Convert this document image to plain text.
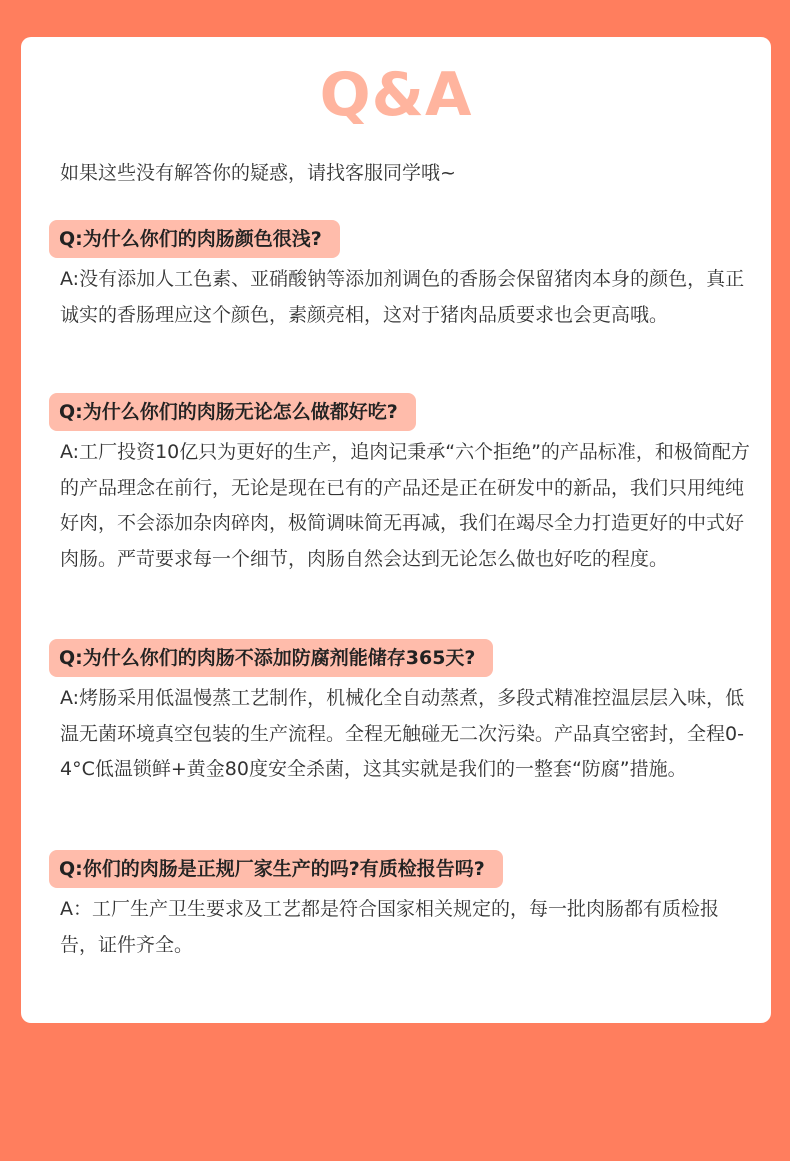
Q&A
如果这些没有解答你的疑惑，请找客服同学哦~
Q:为什么你们的肉肠颜色很浅?
A:没有添加人工色素、亚硝酸钠等添加剂调色的香肠会保留猪肉本身的颜色，真正诚实的香肠理应这个颜色，素颜亮相，这对于猪肉品质要求也会更高哦。
Q:为什么你们的肉肠无论怎么做都好吃?
A:工厂投资10亿只为更好的生产，追肉记秉承“六个拒绝”的产品标准，和极简配方的产品理念在前行，无论是现在已有的产品还是正在研发中的新品，我们只用纯纯好肉，不会添加杂肉碎肉，极简调味简无再减，我们在竭尽全力打造更好的中式好肉肠。严苛要求每一个细节，肉肠自然会达到无论怎么做也好吃的程度。
Q:为什么你们的肉肠不添加防腐剂能储存365天?
A:烤肠采用低温慢蒸工艺制作，机械化全自动蒸煮，多段式精准控温层层入味，低温无菌环境真空包装的生产流程。全程无触碰无二次污染。产品真空密封，全程0-4°C低温锁鲜+黄金80度安全杀菌，这其实就是我们的一整套“防腐”措施。
Q:你们的肉肠是正规厂家生产的吗?有质检报告吗?
A：工厂生产卫生要求及工艺都是符合国家相关规定的，每一批肉肠都有质检报告，证件齐全。
